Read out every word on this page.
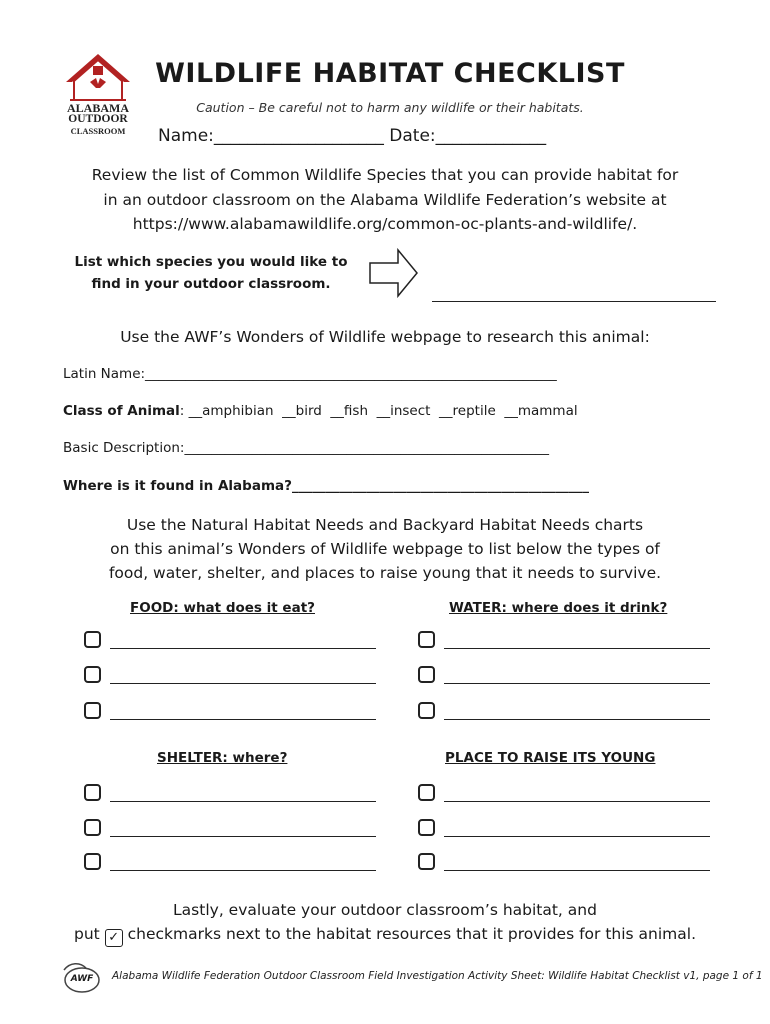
ALABAMA
OUTDOOR
CLASSROOM
WILDLIFE HABITAT CHECKLIST
Caution – Be careful not to harm any wildlife or their habitats.
Name:____________________ Date:_____________
Review the list of Common Wildlife Species that you can provide habitat for
in an outdoor classroom on the Alabama Wildlife Federation’s website at
https://www.alabamawildlife.org/common-oc-plants-and-wildlife/.
List which species you would like to
find in your outdoor classroom.
Use the AWF’s Wonders of Wildlife webpage to research this animal:
Latin Name:_____________________________________________________________
Class of Animal: __amphibian  __bird  __fish  __insect  __reptile  __mammal
Basic Description:______________________________________________________
Where is it found in Alabama?____________________________________________
Use the Natural Habitat Needs and Backyard Habitat Needs charts
on this animal’s Wonders of Wildlife webpage to list below the types of
food, water, shelter, and places to raise young that it needs to survive.
FOOD: what does it eat?	WATER: where does it drink?
SHELTER: where?	PLACE TO RAISE ITS YOUNG
Lastly, evaluate your outdoor classroom’s habitat, and
put ✓ checkmarks next to the habitat resources that it provides for this animal.
AWF Alabama Wildlife Federation Outdoor Classroom Field Investigation Activity Sheet: Wildlife Habitat Checklist v1, page 1 of 1
